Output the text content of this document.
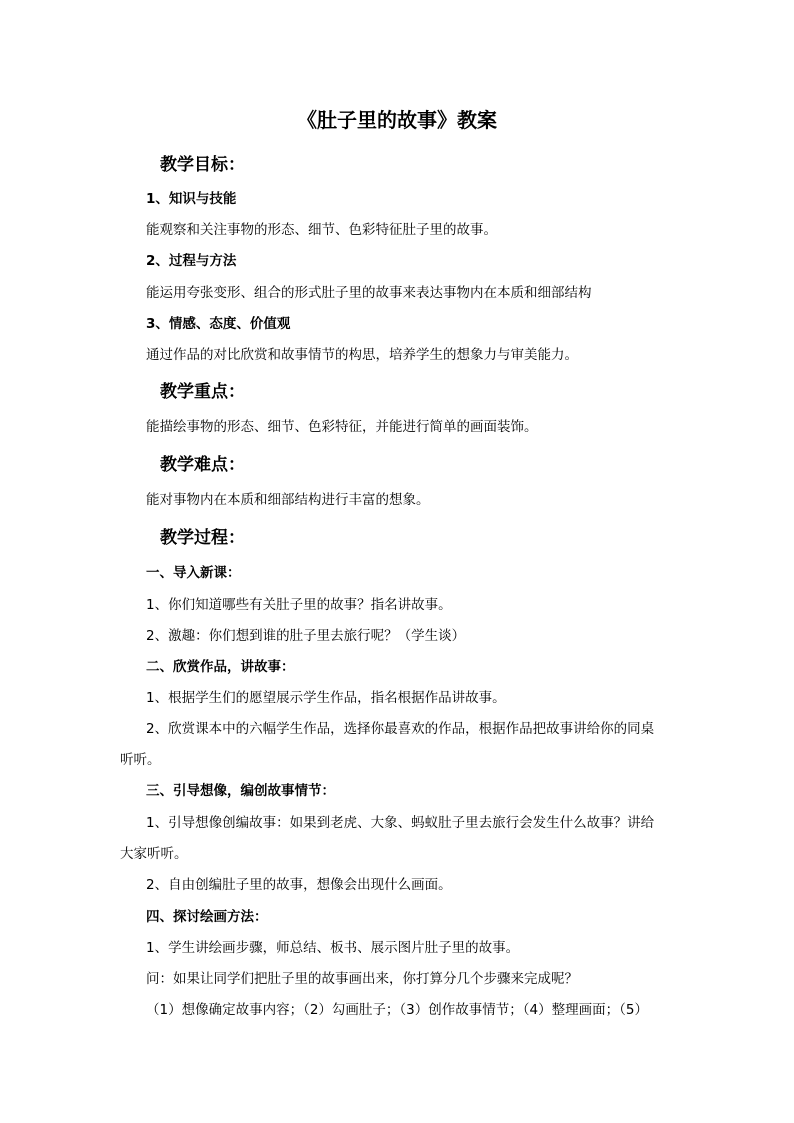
《肚子里的故事》教案
教学目标：
1、知识与技能
能观察和关注事物的形态、细节、色彩特征肚子里的故事。
2、过程与方法
能运用夸张变形、组合的形式肚子里的故事来表达事物内在本质和细部结构
3、情感、态度、价值观
通过作品的对比欣赏和故事情节的构思，培养学生的想象力与审美能力。
教学重点：
能描绘事物的形态、细节、色彩特征，并能进行简单的画面装饰。
教学难点：
能对事物内在本质和细部结构进行丰富的想象。
教学过程：
一、导入新课：
1、你们知道哪些有关肚子里的故事？指名讲故事。
2、激趣：你们想到谁的肚子里去旅行呢？（学生谈）
二、欣赏作品，讲故事：
1、根据学生们的愿望展示学生作品，指名根据作品讲故事。
2、欣赏课本中的六幅学生作品，选择你最喜欢的作品，根据作品把故事讲给你的同桌
听听。
三、引导想像，编创故事情节：
1、引导想像创编故事：如果到老虎、大象、蚂蚁肚子里去旅行会发生什么故事？讲给
大家听听。
2、自由创编肚子里的故事，想像会出现什么画面。
四、探讨绘画方法：
1、学生讲绘画步骤，师总结、板书、展示图片肚子里的故事。
问：如果让同学们把肚子里的故事画出来，你打算分几个步骤来完成呢？
（1）想像确定故事内容；（2）勾画肚子；（3）创作故事情节；（4）整理画面；（5）
